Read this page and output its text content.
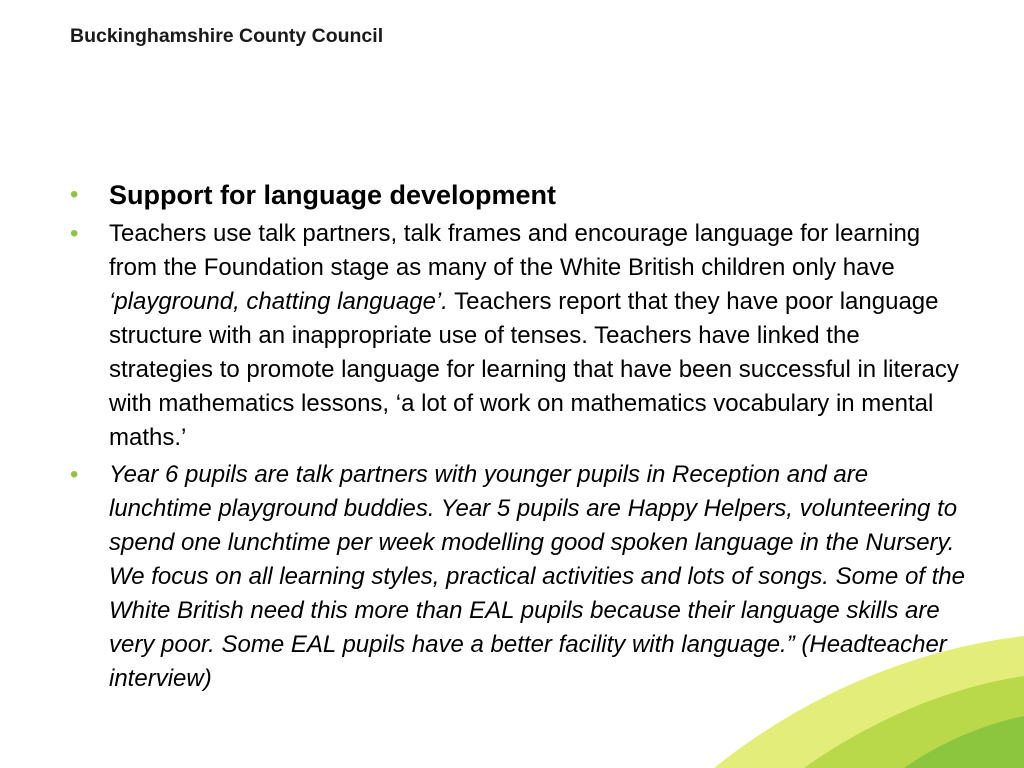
Buckinghamshire County Council
• Support for language development
• Teachers use talk partners, talk frames and encourage language for learning from the Foundation stage as many of the White British children only have ‘playground, chatting language’. Teachers report that they have poor language structure with an inappropriate use of tenses. Teachers have linked the strategies to promote language for learning that have been successful in literacy with mathematics lessons, ‘a lot of work on mathematics vocabulary in mental maths.’
• Year 6 pupils are talk partners with younger pupils in Reception and are lunchtime playground buddies. Year 5 pupils are Happy Helpers, volunteering to spend one lunchtime per week modelling good spoken language in the Nursery. We focus on all learning styles, practical activities and lots of songs. Some of the White British need this more than EAL pupils because their language skills are very poor. Some EAL pupils have a better facility with language.” (Headteacher interview)
